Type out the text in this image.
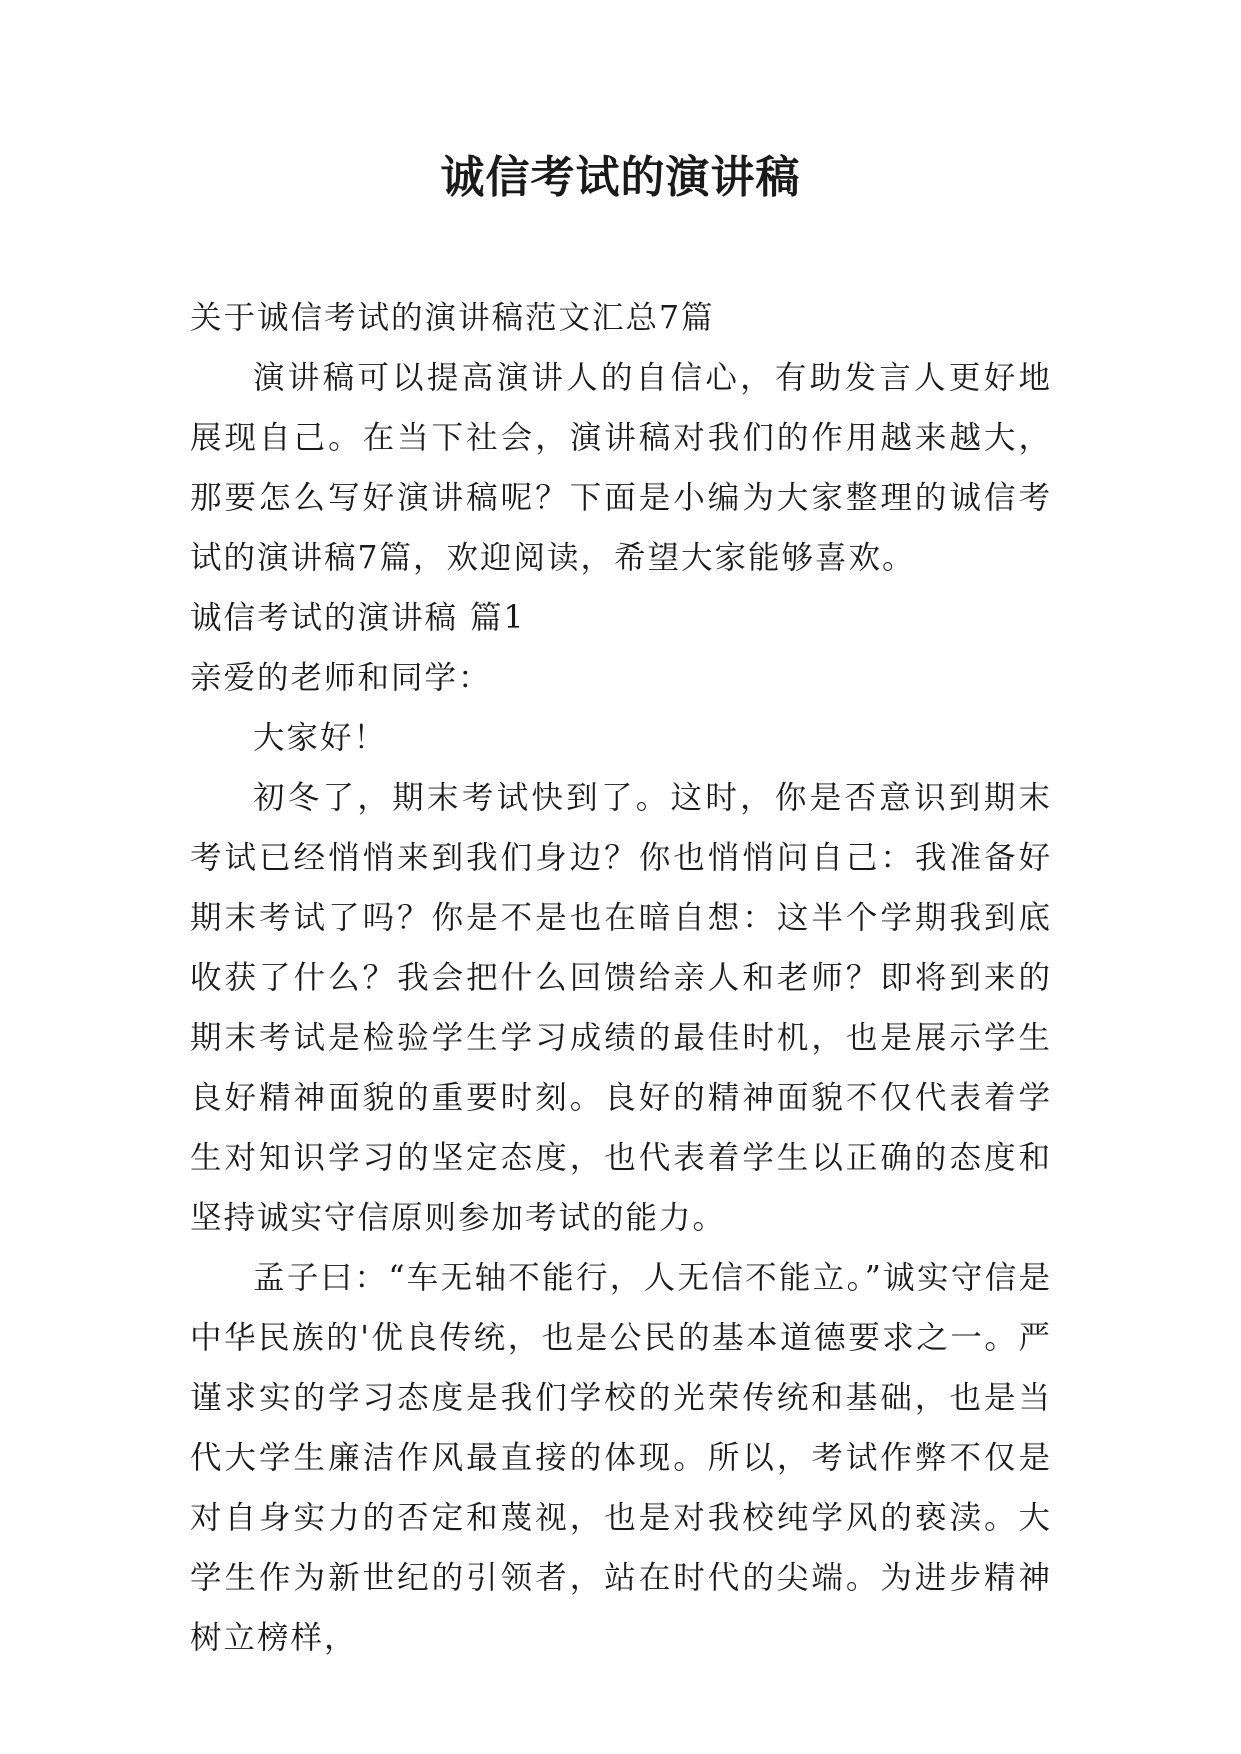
诚信考试的演讲稿

关于诚信考试的演讲稿范文汇总7篇

演讲稿可以提高演讲人的自信心，有助发言人更好地展现自己。在当下社会，演讲稿对我们的作用越来越大，那要怎么写好演讲稿呢？下面是小编为大家整理的诚信考试的演讲稿7篇，欢迎阅读，希望大家能够喜欢。

诚信考试的演讲稿 篇1

亲爱的老师和同学：

大家好！

初冬了，期末考试快到了。这时，你是否意识到期末考试已经悄悄来到我们身边？你也悄悄问自己：我准备好期末考试了吗？你是不是也在暗自想：这半个学期我到底收获了什么？我会把什么回馈给亲人和老师？即将到来的期末考试是检验学生学习成绩的最佳时机，也是展示学生良好精神面貌的重要时刻。良好的精神面貌不仅代表着学生对知识学习的坚定态度，也代表着学生以正确的态度和坚持诚实守信原则参加考试的能力。

孟子曰：“车无轴不能行，人无信不能立。”诚实守信是中华民族的'优良传统，也是公民的基本道德要求之一。严谨求实的学习态度是我们学校的光荣传统和基础，也是当代大学生廉洁作风最直接的体现。所以，考试作弊不仅是对自身实力的否定和蔑视，也是对我校纯学风的亵渎。大学生作为新世纪的引领者，站在时代的尖端。为进步精神树立榜样，
